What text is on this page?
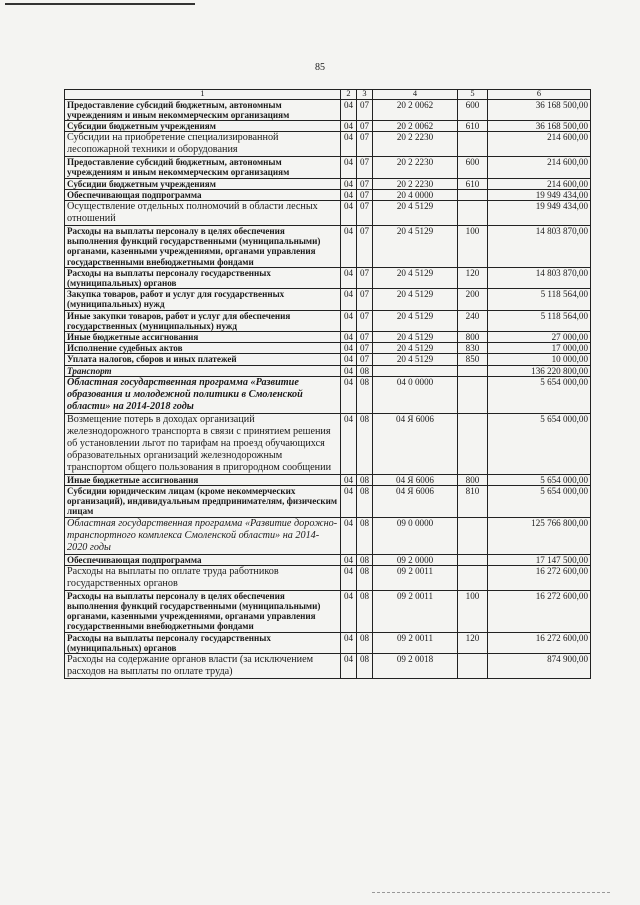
85
1	2	3	4	5	6
Предоставление субсидий бюджетным, автономным учреждениям и иным некоммерческим организациям	04	07	20 2 0062	600	36 168 500,00
Субсидии бюджетным учреждениям	04	07	20 2 0062	610	36 168 500,00
Субсидии на приобретение специализированной лесопожарной техники и оборудования	04	07	20 2 2230		214 600,00
Предоставление субсидий бюджетным, автономным учреждениям и иным некоммерческим организациям	04	07	20 2 2230	600	214 600,00
Субсидии бюджетным учреждениям	04	07	20 2 2230	610	214 600,00
Обеспечивающая подпрограмма	04	07	20 4 0000		19 949 434,00
Осуществление отдельных полномочий в области лесных отношений	04	07	20 4 5129		19 949 434,00
Расходы на выплаты персоналу в целях обеспечения выполнения функций государственными (муниципальными) органами, казенными учреждениями, органами управления государственными внебюджетными фондами	04	07	20 4 5129	100	14 803 870,00
Расходы на выплаты персоналу государственных (муниципальных) органов	04	07	20 4 5129	120	14 803 870,00
Закупка товаров, работ и услуг для государственных (муниципальных) нужд	04	07	20 4 5129	200	5 118 564,00
Иные закупки товаров, работ и услуг для обеспечения государственных (муниципальных) нужд	04	07	20 4 5129	240	5 118 564,00
Иные бюджетные ассигнования	04	07	20 4 5129	800	27 000,00
Исполнение судебных актов	04	07	20 4 5129	830	17 000,00
Уплата налогов, сборов и иных платежей	04	07	20 4 5129	850	10 000,00
Транспорт	04	08			136 220 800,00
Областная государственная программа «Развитие образования и молодежной политики в Смоленской области» на 2014-2018 годы	04	08	04 0 0000		5 654 000,00
Возмещение потерь в доходах организаций железнодорожного транспорта в связи с принятием решения об установлении льгот по тарифам на проезд обучающихся образовательных организаций железнодорожным транспортом общего пользования в пригородном сообщении	04	08	04 Я 6006		5 654 000,00
Иные бюджетные ассигнования	04	08	04 Я 6006	800	5 654 000,00
Субсидии юридическим лицам (кроме некоммерческих организаций), индивидуальным предпринимателям, физическим лицам	04	08	04 Я 6006	810	5 654 000,00
Областная государственная программа «Развитие дорожно-транспортного комплекса Смоленской области» на 2014-2020 годы	04	08	09 0 0000		125 766 800,00
Обеспечивающая подпрограмма	04	08	09 2 0000		17 147 500,00
Расходы на выплаты по оплате труда работников государственных органов	04	08	09 2 0011		16 272 600,00
Расходы на выплаты персоналу в целях обеспечения выполнения функций государственными (муниципальными) органами, казенными учреждениями, органами управления государственными внебюджетными фондами	04	08	09 2 0011	100	16 272 600,00
Расходы на выплаты персоналу государственных (муниципальных) органов	04	08	09 2 0011	120	16 272 600,00
Расходы на содержание органов власти (за исключением расходов на выплаты по оплате труда)	04	08	09 2 0018		874 900,00
